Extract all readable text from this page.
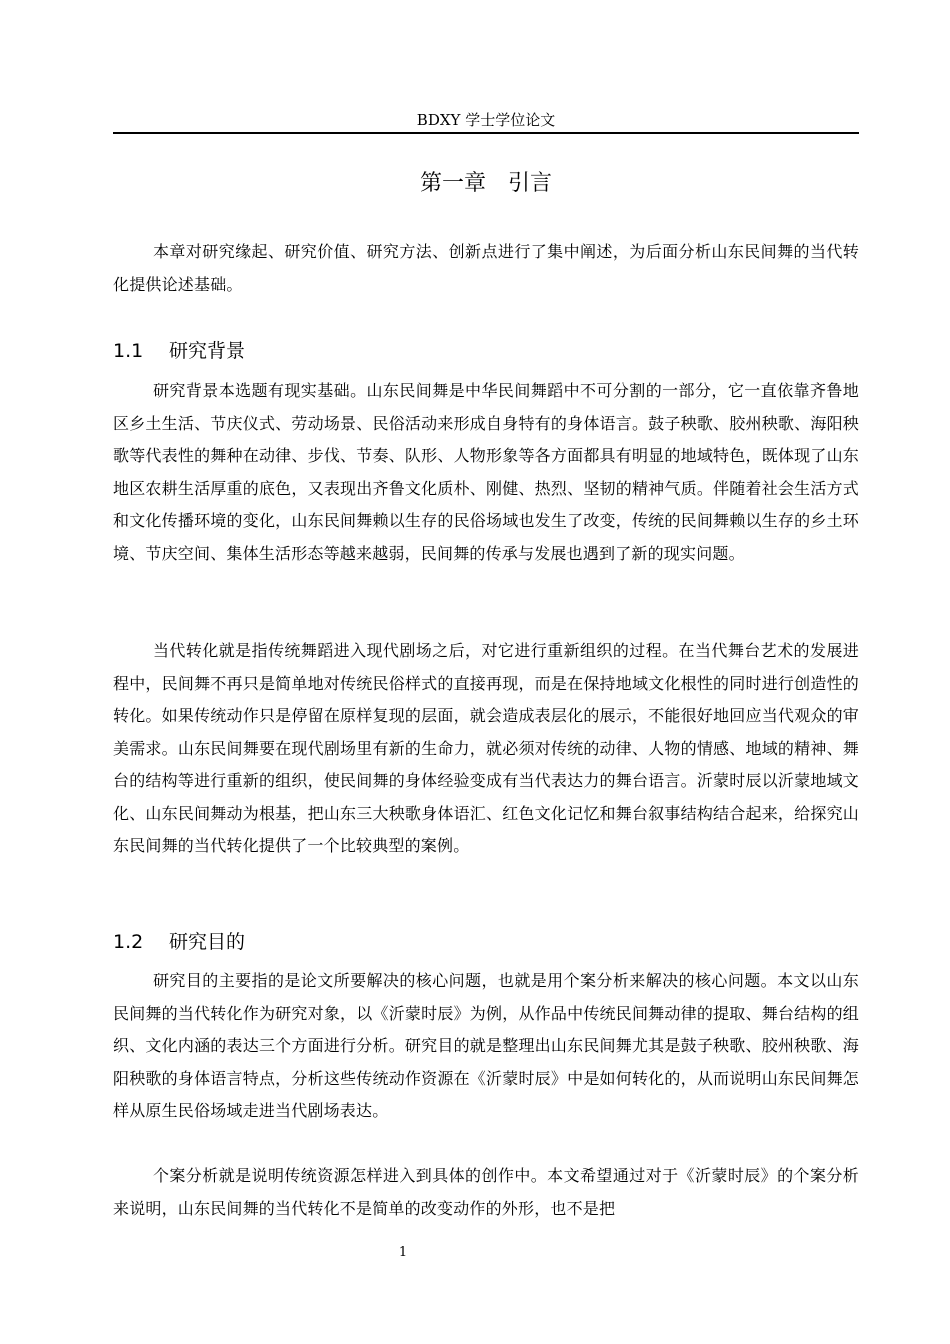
BDXY 学士学位论文
第一章　引言

本章对研究缘起、研究价值、研究方法、创新点进行了集中阐述，为后面分析山东民间舞的当代转化提供论述基础。

1.1 研究背景

研究背景本选题有现实基础。山东民间舞是中华民间舞蹈中不可分割的一部分，它一直依靠齐鲁地区乡土生活、节庆仪式、劳动场景、民俗活动来形成自身特有的身体语言。鼓子秧歌、胶州秧歌、海阳秧歌等代表性的舞种在动律、步伐、节奏、队形、人物形象等各方面都具有明显的地域特色，既体现了山东地区农耕生活厚重的底色，又表现出齐鲁文化质朴、刚健、热烈、坚韧的精神气质。伴随着社会生活方式和文化传播环境的变化，山东民间舞赖以生存的民俗场域也发生了改变，传统的民间舞赖以生存的乡土环境、节庆空间、集体生活形态等越来越弱，民间舞的传承与发展也遇到了新的现实问题。

当代转化就是指传统舞蹈进入现代剧场之后，对它进行重新组织的过程。在当代舞台艺术的发展进程中，民间舞不再只是简单地对传统民俗样式的直接再现，而是在保持地域文化根性的同时进行创造性的转化。如果传统动作只是停留在原样复现的层面，就会造成表层化的展示，不能很好地回应当代观众的审美需求。山东民间舞要在现代剧场里有新的生命力，就必须对传统的动律、人物的情感、地域的精神、舞台的结构等进行重新的组织，使民间舞的身体经验变成有当代表达力的舞台语言。沂蒙时辰以沂蒙地域文化、山东民间舞动为根基，把山东三大秧歌身体语汇、红色文化记忆和舞台叙事结构结合起来，给探究山东民间舞的当代转化提供了一个比较典型的案例。

1.2 研究目的

研究目的主要指的是论文所要解决的核心问题，也就是用个案分析来解决的核心问题。本文以山东民间舞的当代转化作为研究对象，以《沂蒙时辰》为例，从作品中传统民间舞动律的提取、舞台结构的组织、文化内涵的表达三个方面进行分析。研究目的就是整理出山东民间舞尤其是鼓子秧歌、胶州秧歌、海阳秧歌的身体语言特点，分析这些传统动作资源在《沂蒙时辰》中是如何转化的，从而说明山东民间舞怎样从原生民俗场域走进当代剧场表达。

个案分析就是说明传统资源怎样进入到具体的创作中。本文希望通过对于《沂蒙时辰》的个案分析来说明，山东民间舞的当代转化不是简单的改变动作的外形，也不是把

1
